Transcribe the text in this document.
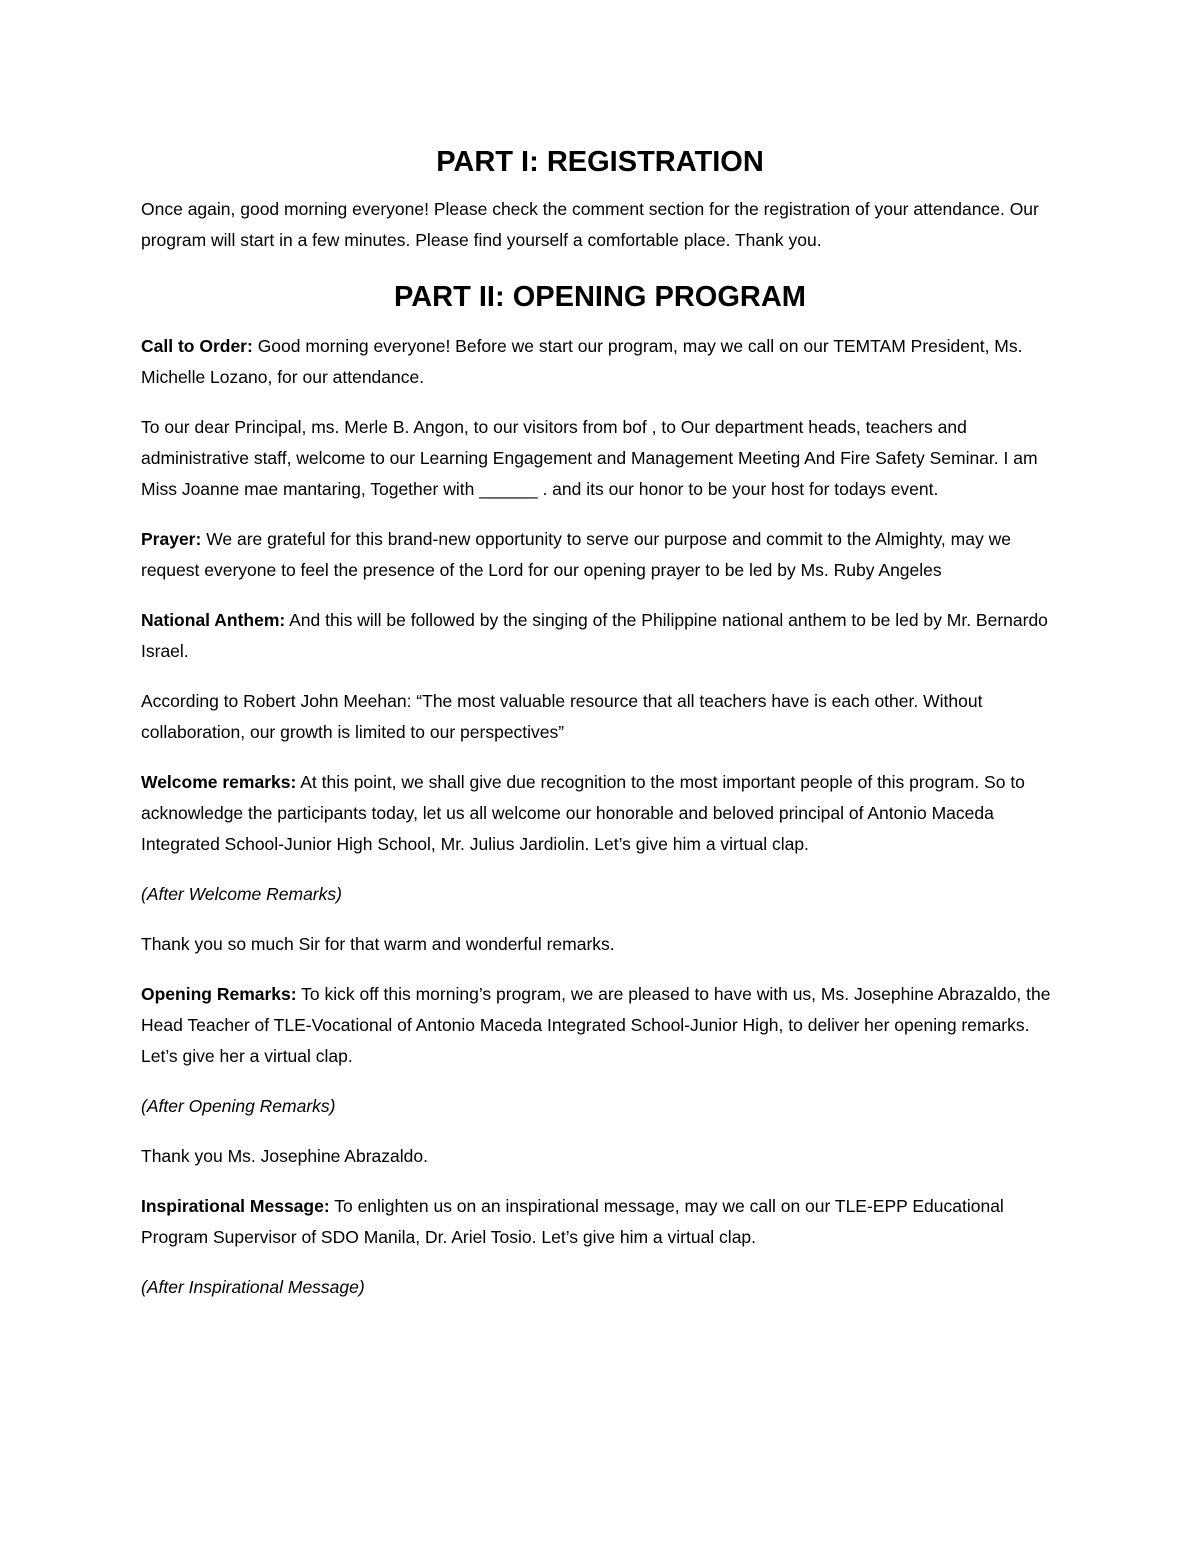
PART I: REGISTRATION

Once again, good morning everyone! Please check the comment section for the registration of your attendance. Our program will start in a few minutes. Please find yourself a comfortable place. Thank you.

PART II: OPENING PROGRAM

Call to Order: Good morning everyone! Before we start our program, may we call on our TEMTAM President, Ms. Michelle Lozano, for our attendance.

To our dear Principal, ms. Merle B. Angon, to our visitors from bof , to Our department heads, teachers and administrative staff, welcome to our Learning Engagement and Management Meeting And Fire Safety Seminar. I am Miss Joanne mae mantaring, Together with ______ . and its our honor to be your host for todays event.

Prayer: We are grateful for this brand-new opportunity to serve our purpose and commit to the Almighty, may we request everyone to feel the presence of the Lord for our opening prayer to be led by Ms. Ruby Angeles

National Anthem: And this will be followed by the singing of the Philippine national anthem to be led by Mr. Bernardo Israel.

According to Robert John Meehan: “The most valuable resource that all teachers have is each other. Without collaboration, our growth is limited to our perspectives”

Welcome remarks: At this point, we shall give due recognition to the most important people of this program. So to acknowledge the participants today, let us all welcome our honorable and beloved principal of Antonio Maceda Integrated School-Junior High School, Mr. Julius Jardiolin. Let’s give him a virtual clap.

(After Welcome Remarks)

Thank you so much Sir for that warm and wonderful remarks.

Opening Remarks: To kick off this morning’s program, we are pleased to have with us, Ms. Josephine Abrazaldo, the Head Teacher of TLE-Vocational of Antonio Maceda Integrated School-Junior High, to deliver her opening remarks. Let’s give her a virtual clap.

(After Opening Remarks)

Thank you Ms. Josephine Abrazaldo.

Inspirational Message: To enlighten us on an inspirational message, may we call on our TLE-EPP Educational Program Supervisor of SDO Manila, Dr. Ariel Tosio. Let’s give him a virtual clap.

(After Inspirational Message)
